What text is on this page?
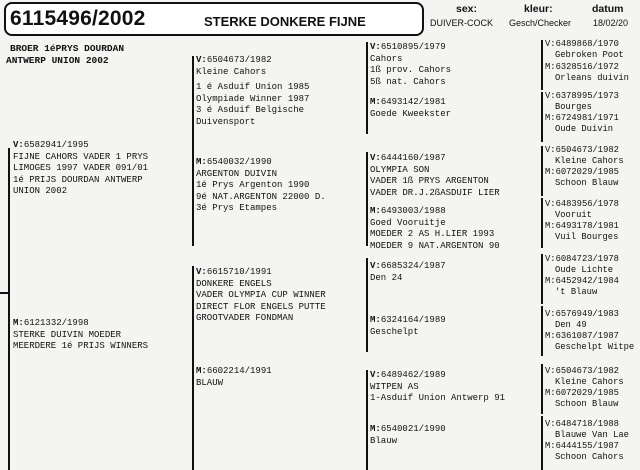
6115496/2002	STERKE DONKERE FIJNE
sex:
DUIVER-COCK
kleur:
Gesch/Checker
datum
18/02/20
BROER 1éPRYS DOURDAN
ANTWERP UNION 2002
V:6582941/1995
FIJNE CAHORS VADER 1 PRYS
LIMOGES 1997 VADER 091/01
1é PRIJS DOURDAN ANTWERP
UNION 2002
M:6121332/1998
STERKE DUIVIN MOEDER
MEERDERE 1é PRIJS WINNERS
V:6504673/1982
Kleine Cahors
1 é Asduif Union 1985
Olympiade Winner 1987
3 é Asduif Belgische
Duivensport
M:6540032/1990
ARGENTON DUIVIN
1é Prys Argenton 1990
9é NAT.ARGENTON 22000 D.
3é Prys Etampes
V:6615710/1991
DONKERE ENGELS
VADER OLYMPIA CUP WINNER
DIRECT FLOR ENGELS PUTTE
GROOTVADER FONDMAN
M:6602214/1991
BLAUW
V:6510895/1979
Cahors
1ß prov. Cahors
5ß nat. Cahors
M:6493142/1981
Goede Kweekster
V:6444160/1987
OLYMPIA SON
VADER 1ß PRYS ARGENTON
VADER DR.J.2ßASDUIF LIER
M:6493003/1988
Goed Vooruitje
MOEDER 2 AS H.LIER 1993
MOEDER 9 NAT.ARGENTON 90
V:6685324/1987
Den 24
M:6324164/1989
Geschelpt
V:6489462/1989
WITPEN AS
1-Asduif Union Antwerp 91
M:6540021/1990
Blauw
V:6489868/1970
Gebroken Poot
M:6328516/1972
Orleans duivin
V:6378995/1973
Bourges
M:6724981/1971
Oude Duivin
V:6504673/1982
Kleine Cahors
M:6072029/1985
Schoon Blauw
V:6483956/1978
Vooruit
M:6493178/1981
Vuil Bourges
V:6084723/1978
Oude Lichte
M:6452942/1984
't Blauw
V:6576949/1983
Den 49
M:6361087/1987
Geschelpt Witpe
V:6504673/1982
Kleine Cahors
M:6072029/1985
Schoon Blauw
V:6484718/1988
Blauwe Van Lae
M:6444155/1987
Schoon Cahors
